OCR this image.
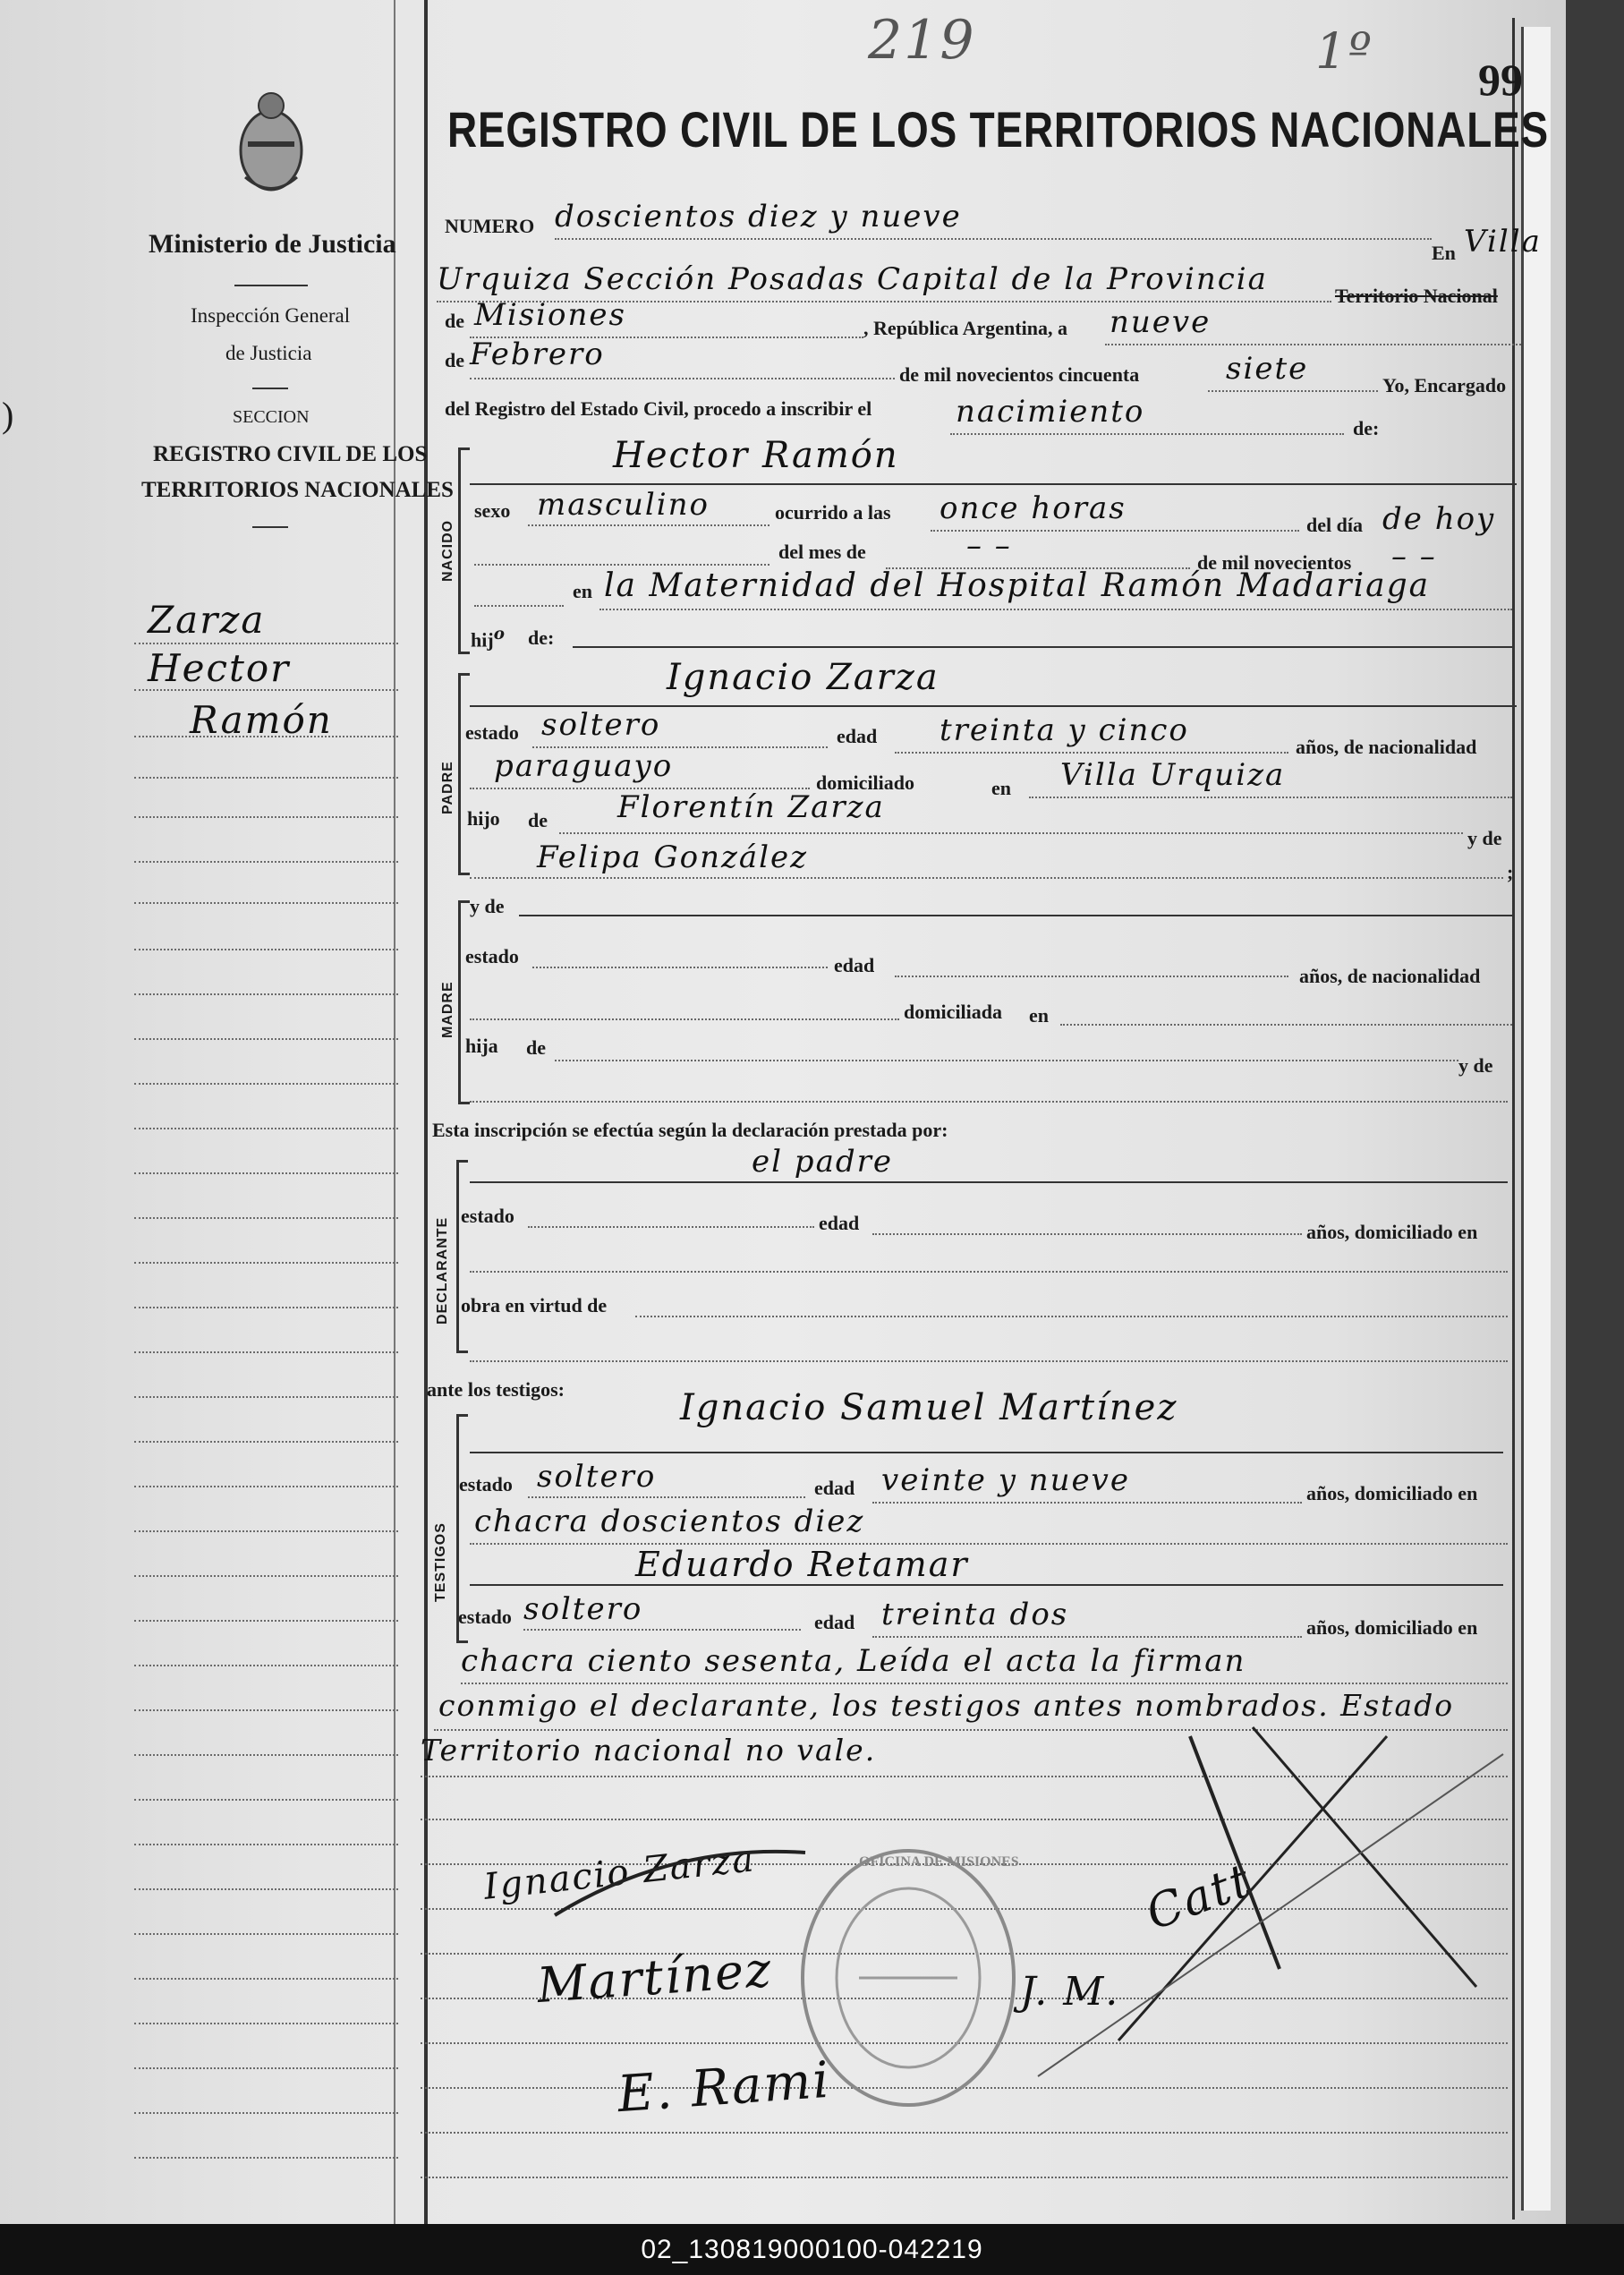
Ministerio de Justicia
Inspección General
de Justicia
SECCION
REGISTRO CIVIL DE LOS
TERRITORIOS NACIONALES
)
Zarza
Hector
Ramón
219	1º 99
REGISTRO CIVIL DE LOS TERRITORIOS NACIONALES
NUMERO doscientos diez y nueve
En Villa
Urquiza Sección Posadas Capital de la Provincia	Territorio Nacional
de Misiones	, República Argentina, a nueve
de Febrero
de mil novecientos cincuenta	siete	Yo, Encargado
del Registro del Estado Civil, procedo a inscribir el	nacimiento	de:
NACIDO
Hector Ramón
sexo masculino	ocurrido a las once horas	del día de hoy
del mes de	– –	de mil novecientos – –
en la Maternidad del Hospital Ramón Madariaga
hij$^o$ de:
PADRE
Ignacio Zarza
estado soltero	edad treinta y cinco	años, de nacionalidad
paraguayo	domiciliado	en Villa Urquiza
hijo de Florentín Zarza
y de
Felipa González	;
MADRE
y de
estado	edad	años, de nacionalidad
domiciliada en
hija de
y de
Esta inscripción se efectúa según la declaración prestada por:
DECLARANTE
el padre
estado	edad	años, domiciliado en
obra en virtud de
ante los testigos:
TESTIGOS
Ignacio Samuel Martínez
estado soltero	edad veinte y nueve	años, domiciliado en
chacra doscientos diez
Eduardo Retamar
estado soltero	edad treinta dos	años, domiciliado en
chacra ciento sesenta, Leída el acta la firman
conmigo el declarante, los testigos antes nombrados. Estado
Territorio nacional no vale.
OFICINA DE MISIONES
Ignacio Zarza
Martínez
E. Rami
Catt
J. M.
02_130819000100-042219
